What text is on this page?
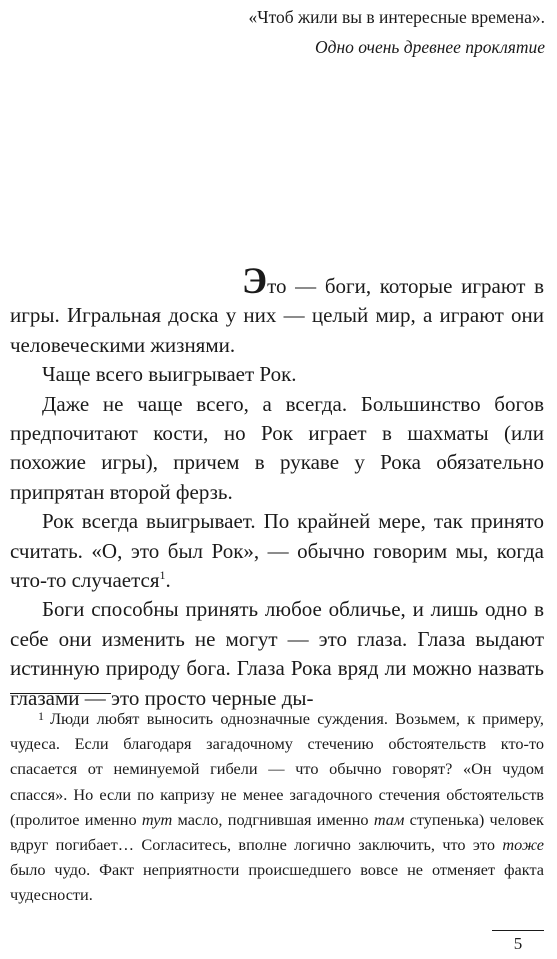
«Чтоб жили вы в интересные времена».
Одно очень древнее проклятие

Это — боги, которые играют в игры. Игральная доска у них — целый мир, а играют они человеческими жизнями.

Чаще всего выигрывает Рок.

Даже не чаще всего, а всегда. Большинство богов предпочитают кости, но Рок играет в шахматы (или похожие игры), причем в рукаве у Рока обязательно припрятан второй ферзь.

Рок всегда выигрывает. По крайней мере, так принято считать. «О, это был Рок», — обычно говорим мы, когда что-то случается$^1$.

Боги способны принять любое обличье, и лишь одно в себе они изменить не могут — это глаза. Глаза выдают истинную природу бога. Глаза Рока вряд ли можно назвать глазами — это просто черные ды-

$^1$ Люди любят выносить однозначные суждения. Возьмем, к примеру, чудеса. Если благодаря загадочному стечению обстоятельств кто-то спасается от неминуемой гибели — что обычно говорят? «Он чудом спасся». Но если по капризу не менее загадочного стечения обстоятельств (пролитое именно тут масло, подгнившая именно там ступенька) человек вдруг погибает… Согласитесь, вполне логично заключить, что это тоже было чудо. Факт неприятности происшедшего вовсе не отменяет факта чудесности.

5
